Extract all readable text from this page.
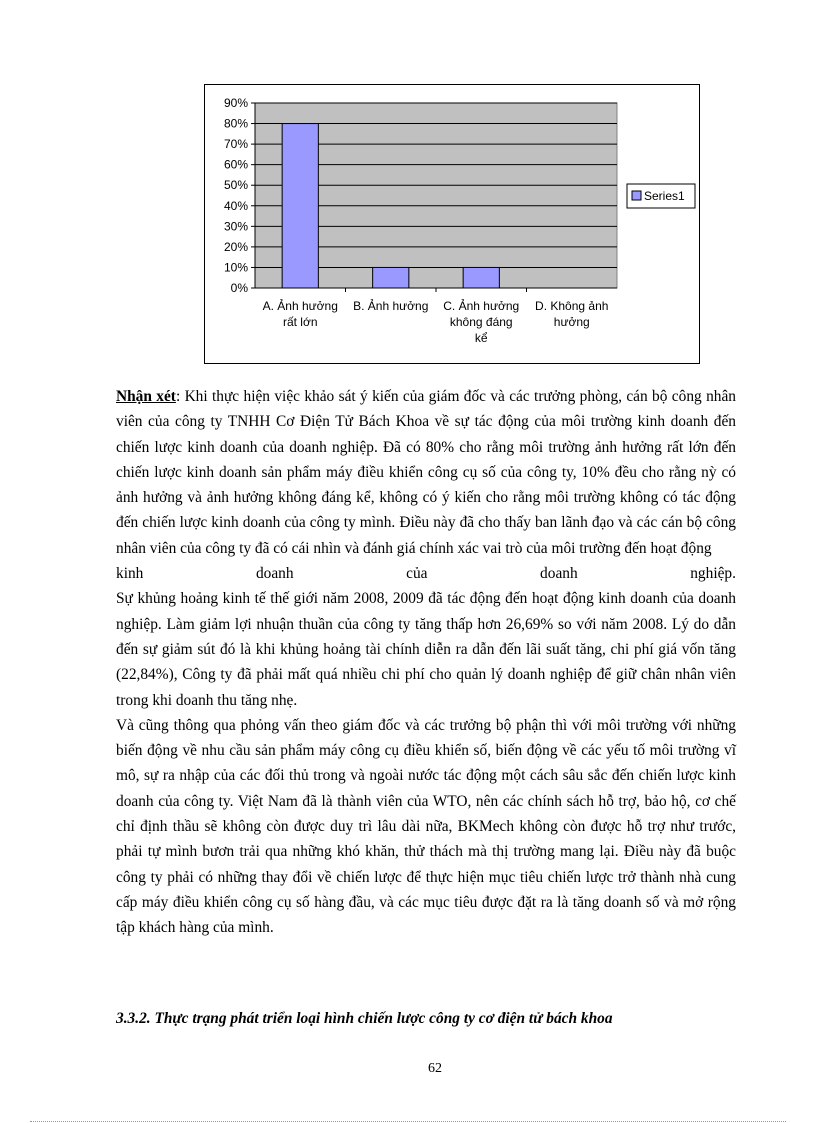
0%
10%
20%
30%
40%
50%
60%
70%
80%
90%
A. Ảnh hưởng
rất lớn
B. Ảnh hưởng C. Ảnh hưởng
không đáng
kể
D. Không ảnh
hưởng
Series1

Nhận xét: Khi thực hiện việc khảo sát ý kiến của giám đốc và các trưởng phòng, cán bộ công nhân viên của công ty TNHH Cơ Điện Tử Bách Khoa về sự tác động của môi trường kinh doanh đến chiến lược kinh doanh của doanh nghiệp. Đã có 80% cho rằng môi trường ảnh hưởng rất lớn đến chiến lược kinh doanh sản phẩm máy điều khiển công cụ số của công ty, 10% đều cho rằng nỳ có ảnh hưởng và ảnh hưởng không đáng kể, không có ý kiến cho rằng môi trường không có tác động đến chiến lược kinh doanh của công ty mình. Điều này đã cho thấy ban lãnh đạo và các cán bộ công nhân viên của công ty đã có cái nhìn và đánh giá chính xác vai trò của môi trường đến hoạt động

kinh	doanh	của	doanh	nghiệp.

Sự khủng hoảng kinh tế thế giới năm 2008, 2009 đã tác động đến hoạt động kinh doanh của doanh nghiệp. Làm giảm lợi nhuận thuần của công ty tăng thấp hơn 26,69% so với năm 2008. Lý do dẫn đến sự giảm sút đó là khi khủng hoảng tài chính diễn ra dẫn đến lãi suất tăng, chi phí giá vốn tăng (22,84%), Công ty đã phải mất quá nhiều chi phí cho quản lý doanh nghiệp để giữ chân nhân viên trong khi doanh thu tăng nhẹ.

Và cũng thông qua phỏng vấn theo giám đốc và các trưởng bộ phận thì với môi trường với những biến động về nhu cầu sản phẩm máy công cụ điều khiển số, biến động về các yếu tố môi trường vĩ mô, sự ra nhập của các đối thủ trong và ngoài nước tác động một cách sâu sắc đến chiến lược kinh doanh của công ty. Việt Nam đã là thành viên của WTO, nên các chính sách hỗ trợ, bảo hộ, cơ chế chỉ định thầu sẽ không còn được duy trì lâu dài nữa, BKMech không còn được hỗ trợ như trước, phải tự mình bươn trải qua những khó khăn, thử thách mà thị trường mang lại. Điều này đã buộc công ty phải có những thay đổi về chiến lược để thực hiện mục tiêu chiến lược trở thành nhà cung cấp máy điều khiển công cụ số hàng đầu, và các mục tiêu được đặt ra là tăng doanh số và mở rộng tập khách hàng của mình.

3.3.2. Thực trạng phát triển loại hình chiến lược công ty cơ điện tử bách khoa
62
